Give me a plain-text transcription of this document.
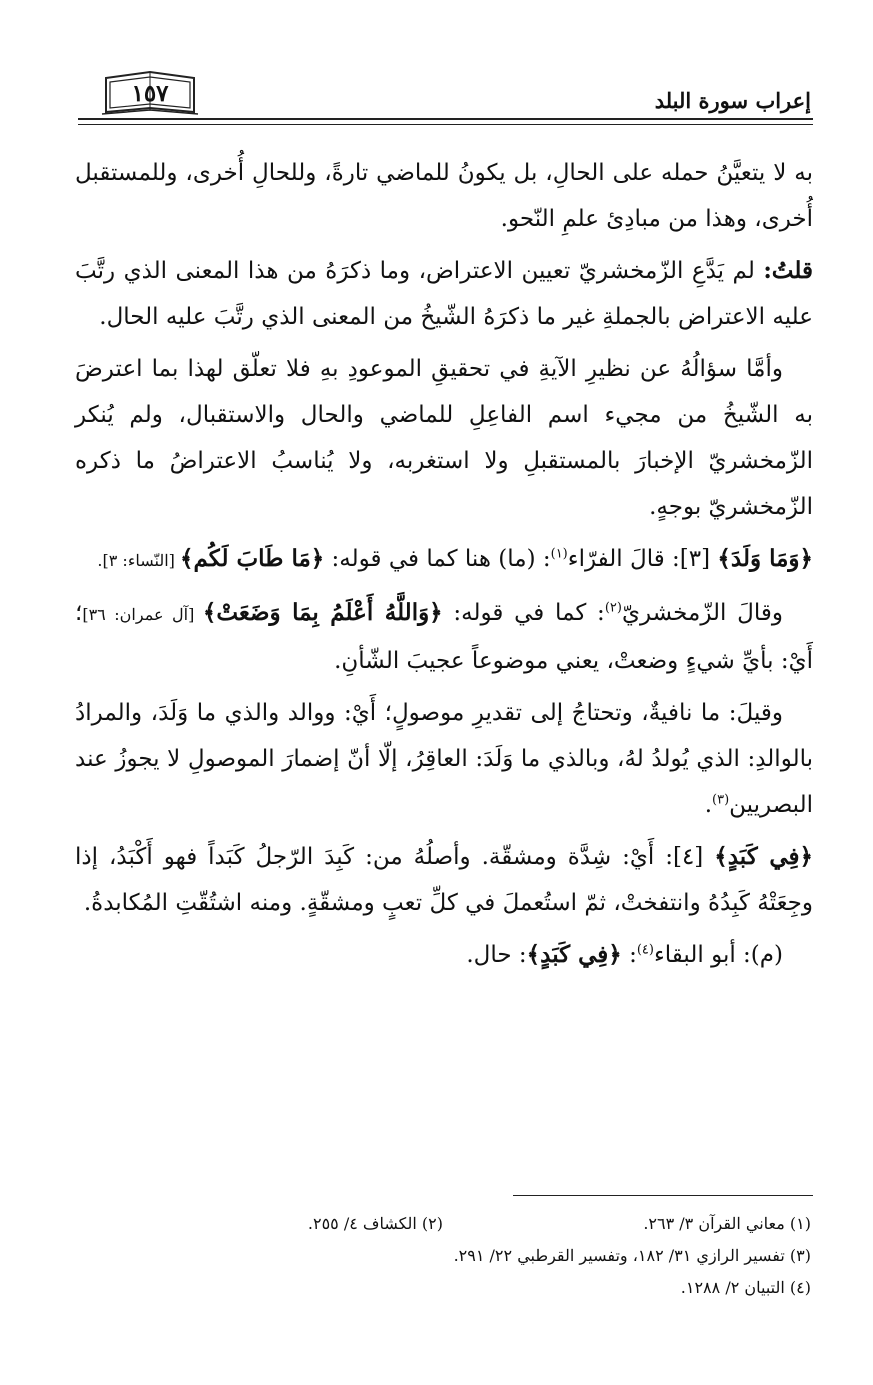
إعراب سورة البلد
١٥٧

به لا يتعيَّنُ حمله على الحالِ، بل يكونُ للماضي تارةً، وللحالِ أُخرى، وللمستقبل أُخرى، وهذا من مبادِئ علمِ النّحو.

قلتُ: لم يَدَّعِ الزّمخشريّ تعيين الاعتراض، وما ذكرَهُ من هذا المعنى الذي رتَّبَ عليه الاعتراض بالجملةِ غير ما ذكرَهُ الشّيخُ من المعنى الذي رتَّبَ عليه الحال.

وأمَّا سؤالُهُ عن نظيرِ الآيةِ في تحقيقِ الموعودِ بهِ فلا تعلّق لهذا بما اعترضَ به الشّيخُ من مجيء اسم الفاعِلِ للماضي والحال والاستقبال، ولم يُنكر الزّمخشريّ الإخبارَ بالمستقبلِ ولا استغربه، ولا يُناسبُ الاعتراضُ ما ذكره الزّمخشريّ بوجهٍ.

﴿وَمَا وَلَدَ﴾ [٣]: قالَ الفرّاء$^{(١)}$: (ما) هنا كما في قوله: ﴿مَا طَابَ لَكُم﴾ [النّساء: ٣].

وقالَ الزّمخشريّ$^{(٢)}$: كما في قوله: ﴿وَاللَّهُ أَعْلَمُ بِمَا وَضَعَتْ﴾ [آل عمران: ٣٦]؛ أَيْ: بأيِّ شيءٍ وضعتْ، يعني موضوعاً عجيبَ الشّأنِ.

وقيلَ: ما نافيةٌ، وتحتاجُ إلى تقديرِ موصولٍ؛ أَيْ: ووالد والذي ما وَلَدَ، والمرادُ بالوالدِ: الذي يُولدُ لهُ، وبالذي ما وَلَدَ: العاقِرُ، إلّا أنّ إضمارَ الموصولِ لا يجوزُ عند البصريين$^{(٣)}$.

﴿فِي كَبَدٍ﴾ [٤]: أَيْ: شِدَّة ومشقّة. وأصلُهُ من: كَبِدَ الرّجلُ كَبَداً فهو أَكْبَدُ، إذا وجِعَتْهُ كَبِدُهُ وانتفختْ، ثمّ استُعملَ في كلِّ تعبٍ ومشقّةٍ. ومنه اشتُقّتِ المُكابدةُ.

(م): أبو البقاء$^{(٤)}$: ﴿فِي كَبَدٍ﴾: حال.

(١) معاني القرآن ٣/ ٢٦٣.
(٢) الكشاف ٤/ ٢٥٥.
(٣) تفسير الرازي ٣١/ ١٨٢، وتفسير القرطبي ٢٢/ ٢٩١.
(٤) التبيان ٢/ ١٢٨٨.
